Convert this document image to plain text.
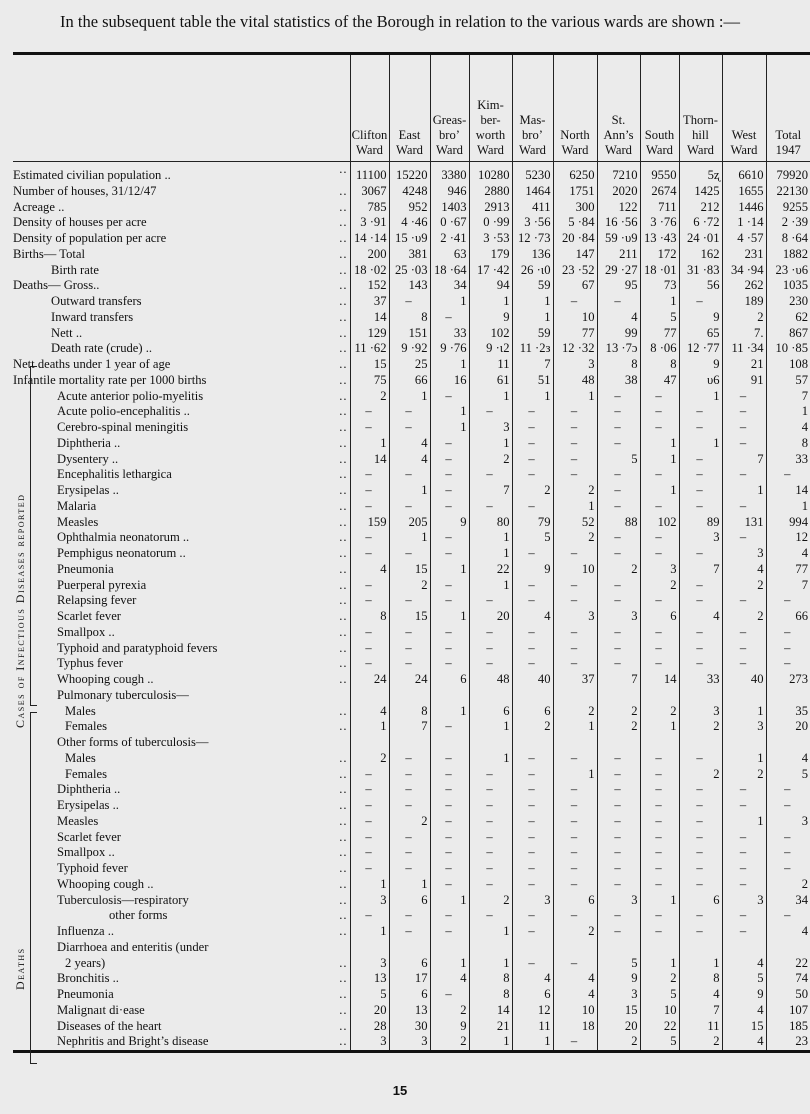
In the subsequent table the vital statistics of the Borough in relation to the various wards are shown :—
	Clifton Ward	East Ward	Greas-bro’ Ward	Kim-ber-worth Ward	Mas-bro’ Ward	North Ward	St. Ann’s Ward	South Ward	Thorn-hill Ward	West Ward	Total 1947
Estimated civilian population .. ..	11100	15220	3380	10280	5230	6250	7210	9550	5ʐ	6610	79920
Number of houses, 31/12/47 ..	3067	4248	946	2880	1464	1751	2020	2674	1425	1655	22130
Acreage .. ..	785	952	1403	2913	411	300	122	711	212	1446	9255
Density of houses per acre ..	3 ·91	4 ·46	0 ·67	0 ·99	3 ·56	5 ·84	16 ·56	3 ·76	6 ·72	1 ·14	2 ·39
Density of population per acre ..	14 ·14	15 ·υ9	2 ·41	3 ·53	12 ·73	20 ·84	59 ·υ9	13 ·43	24 ·01	4 ·57	8 ·64
Births— Total ..	200	381	63	179	136	147	211	172	162	231	1882
Birth rate ..	18 ·02	25 ·03	18 ·64	17 ·42	26 ·ι0	23 ·52	29 ·27	18 ·01	31 ·83	34 ·94	23 ·υ6
Deaths— Gross.. ..	152	143	34	94	59	67	95	73	56	262	1035
Outward transfers ..	37	–	1	1	1	–	–	1	–	189	230
Inward transfers ..	14	8	–	9	1	10	4	5	9	2	62
Nett .. ..	129	151	33	102	59	77	99	77	65	7.	867
Death rate (crude) .. ..	11 ·62	9 ·92	9 ·76	9 ·ι2	11 ·2з	12 ·32	13 ·7ɔ	8 ·06	12 ·77	11 ·34	10 ·85
Nett deaths under 1 year of age ..	15	25	1	11	7	3	8	8	9	21	108
Infantile mortality rate per 1000 births ..	75	66	16	61	51	48	38	47	υ6	91	57
Acute anterior polio-myelitis ..	2	1	–	1	1	1	–	–	1	–	7
Acute polio-encephalitis .. ..	–	–	1	–	–	–	–	–	–	–	1
Cerebro-spinal meningitis ..	–	–	1	3	–	–	–	–	–	–	4
Diphtheria .. ..	1	4	–	1	–	–	–	1	1	–	8
Dysentery .. ..	14	4	–	2	–	–	5	1	–	7	33
Encephalitis lethargica ..	–	–	–	–	–	–	–	–	–	–	–
Erysipelas .. ..	–	1	–	7	2	2	–	1	–	1	14
Malaria ..	–	–	–	–	–	1	–	–	–	–	1
Measles ..	159	205	9	80	79	52	88	102	89	131	994
Ophthalmia neonatorum .. ..	–	1	–	1	5	2	–	–	3	–	12
Pemphigus neonatorum .. ..	–	–	–	1	–	–	–	–	–	3	4
Pneumonia ..	4	15	1	22	9	10	2	3	7	4	77
Puerperal pyrexia ..	–	2	–	1	–	–	–	2	–	2	7
Relapsing fever ..	–	–	–	–	–	–	–	–	–	–	–
Scarlet fever ..	8	15	1	20	4	3	3	6	4	2	66
Smallpox .. ..	–	–	–	–	–	–	–	–	–	–	–
Typhoid and paratyphoid fevers ..	–	–	–	–	–	–	–	–	–	–	–
Typhus fever ..	–	–	–	–	–	–	–	–	–	–	–
Whooping cough .. ..	24	24	6	48	40	37	7	14	33	40	273
Pulmonary tuberculosis—											
Males ..	4	8	1	6	6	2	2	2	3	1	35
Females ..	1	7	–	1	2	1	2	1	2	3	20
Other forms of tuberculosis—											
Males ..	2	–	–	1	–	–	–	–	–	1	4
Females ..	–	–	–	–	–	1	–	–	2	2	5
Diphtheria .. ..	–	–	–	–	–	–	–	–	–	–	–
Erysipelas .. ..	–	–	–	–	–	–	–	–	–	–	–
Measles ..	–	2	–	–	–	–	–	–	–	1	3
Scarlet fever ..	–	–	–	–	–	–	–	–	–	–	–
Smallpox .. ..	–	–	–	–	–	–	–	–	–	–	–
Typhoid fever ..	–	–	–	–	–	–	–	–	–	–	–
Whooping cough .. ..	1	1	–	–	–	–	–	–	–	–	2
Tuberculosis—respiratory ..	3	6	1	2	3	6	3	1	6	3	34
other forms ..	–	–	–	–	–	–	–	–	–	–	–
Influenza .. ..	1	–	–	1	–	2	–	–	–	–	4
Diarrhoea and enteritis (under											
2 years) ..	3	6	1	1	–	–	5	1	1	4	22
Bronchitis .. ..	13	17	4	8	4	4	9	2	8	5	74
Pneumonia ..	5	6	–	8	6	4	3	5	4	9	50
Malignaıt di·ease ..	20	13	2	14	12	10	15	10	7	4	107
Diseases of the heart ..	28	30	9	21	11	18	20	22	11	15	185
Nephritis and Bright’s disease ..	3	3	2	1	1	–	2	5	2	4	23
Cases of Infectious Diseases reported
Deaths
15
